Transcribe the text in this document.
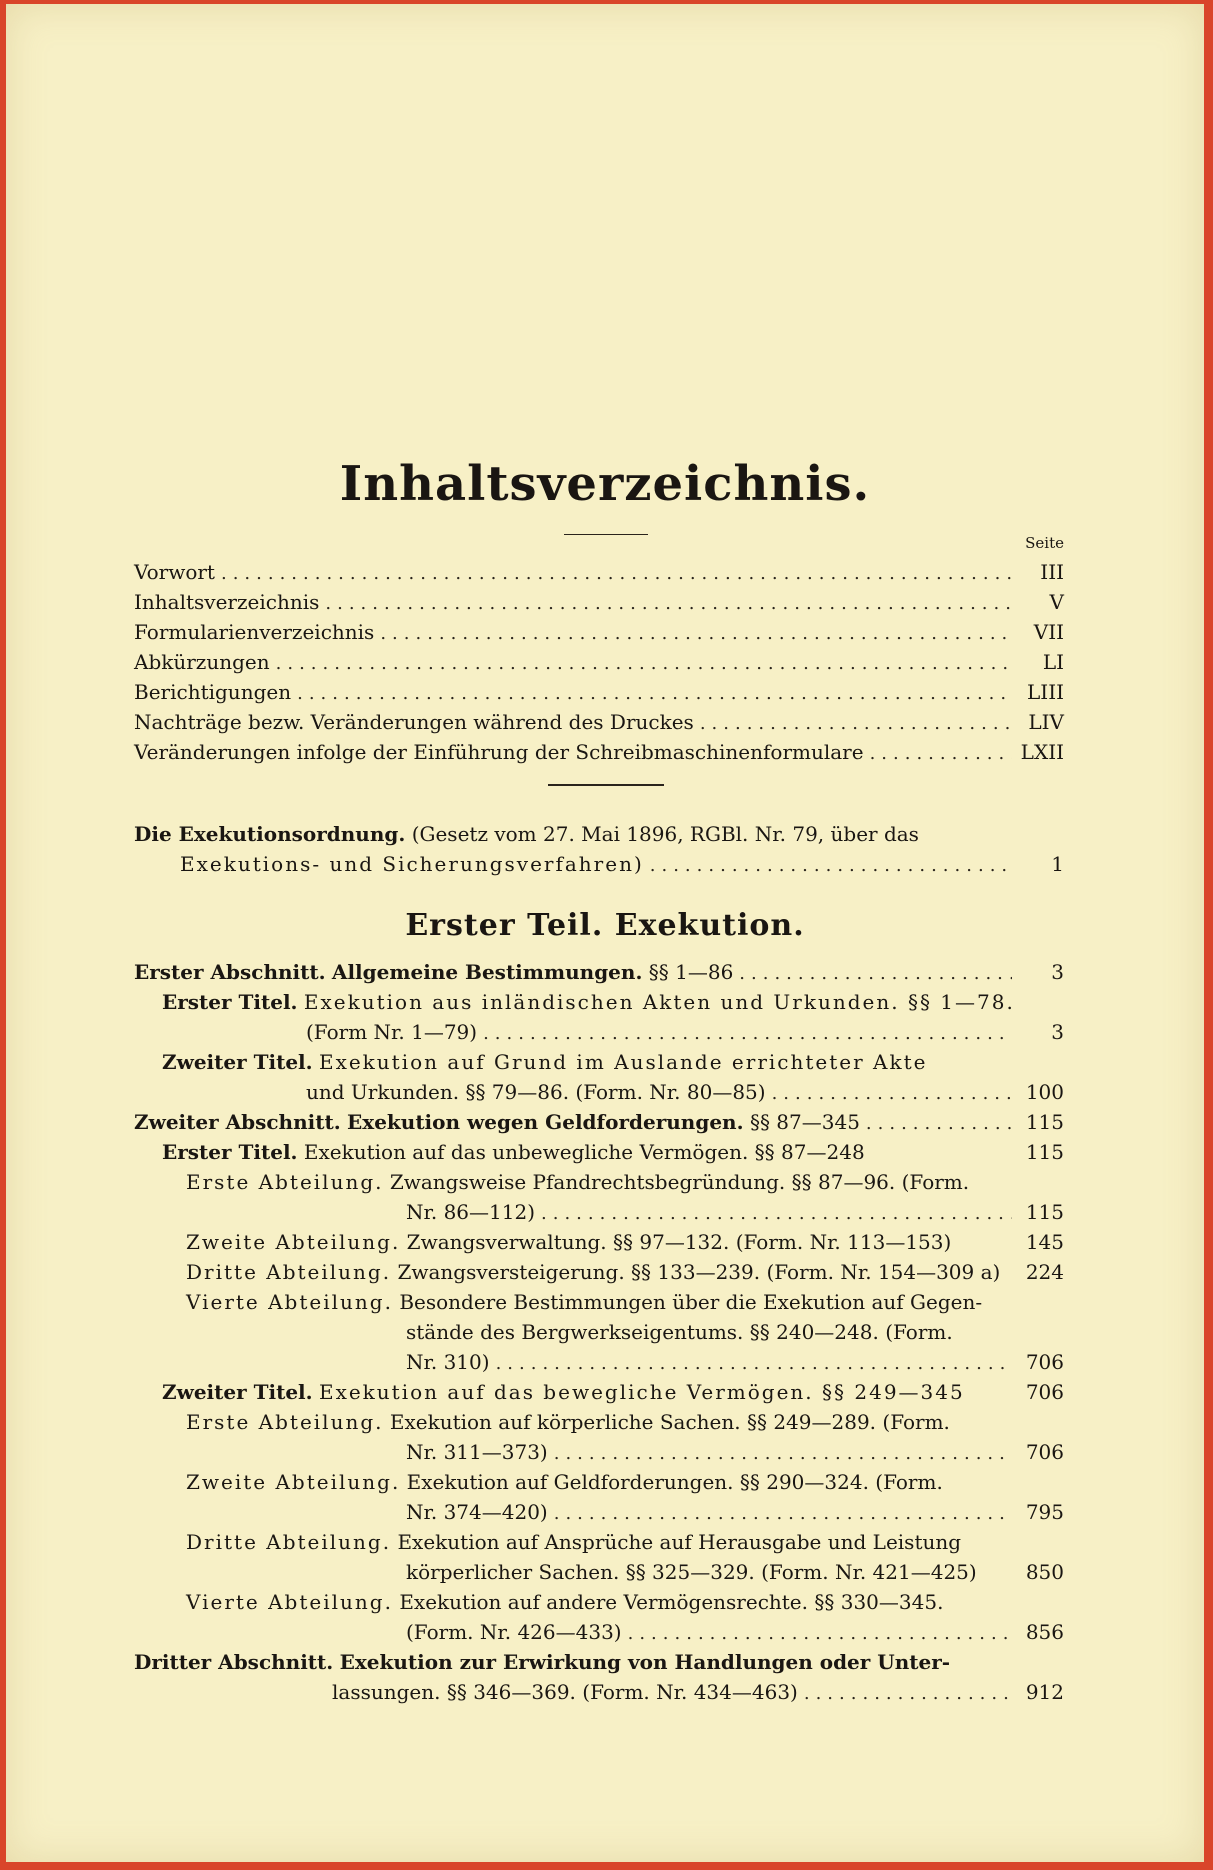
Inhaltsverzeichnis.
Seite
Vorwort .....	III
Inhaltsverzeichnis .....	V
Formularienverzeichnis .....	VII
Abkürzungen .....	LI
Berichtigungen .....	LIII
Nachträge bezw. Veränderungen während des Druckes .....	LIV
Veränderungen infolge der Einführung der Schreibmaschinenformulare .....	LXII
Die Exekutionsordnung. (Gesetz vom 27. Mai 1896, RGBl. Nr. 79, über das
Exekutions- und Sicherungsverfahren) .....	1
Erster Teil. Exekution.
Erster Abschnitt. Allgemeine Bestimmungen. §§ 1—86 .....	3
Erster Titel. Exekution aus inländischen Akten und Urkunden. §§ 1—78.
(Form Nr. 1—79) .....	3
Zweiter Titel. Exekution auf Grund im Auslande errichteter Akte
und Urkunden. §§ 79—86. (Form. Nr. 80—85) .....	100
Zweiter Abschnitt. Exekution wegen Geldforderungen. §§ 87—345 .....	115
Erster Titel. Exekution auf das unbewegliche Vermögen. §§ 87—248	115
Erste Abteilung. Zwangsweise Pfandrechtsbegründung. §§ 87—96. (Form.
Nr. 86—112) .....	115
Zweite Abteilung. Zwangsverwaltung. §§ 97—132. (Form. Nr. 113—153)	145
Dritte Abteilung. Zwangsversteigerung. §§ 133—239. (Form. Nr. 154—309 a)	224
Vierte Abteilung. Besondere Bestimmungen über die Exekution auf Gegen-
stände des Bergwerkseigentums. §§ 240—248. (Form.
Nr. 310) .....	706
Zweiter Titel. Exekution auf das bewegliche Vermögen. §§ 249—345	706
Erste Abteilung. Exekution auf körperliche Sachen. §§ 249—289. (Form.
Nr. 311—373) .....	706
Zweite Abteilung. Exekution auf Geldforderungen. §§ 290—324. (Form.
Nr. 374—420) .....	795
Dritte Abteilung. Exekution auf Ansprüche auf Herausgabe und Leistung
körperlicher Sachen. §§ 325—329. (Form. Nr. 421—425)	850
Vierte Abteilung. Exekution auf andere Vermögensrechte. §§ 330—345.
(Form. Nr. 426—433) .....	856
Dritter Abschnitt. Exekution zur Erwirkung von Handlungen oder Unter-
lassungen. §§ 346—369. (Form. Nr. 434—463) .....	912
